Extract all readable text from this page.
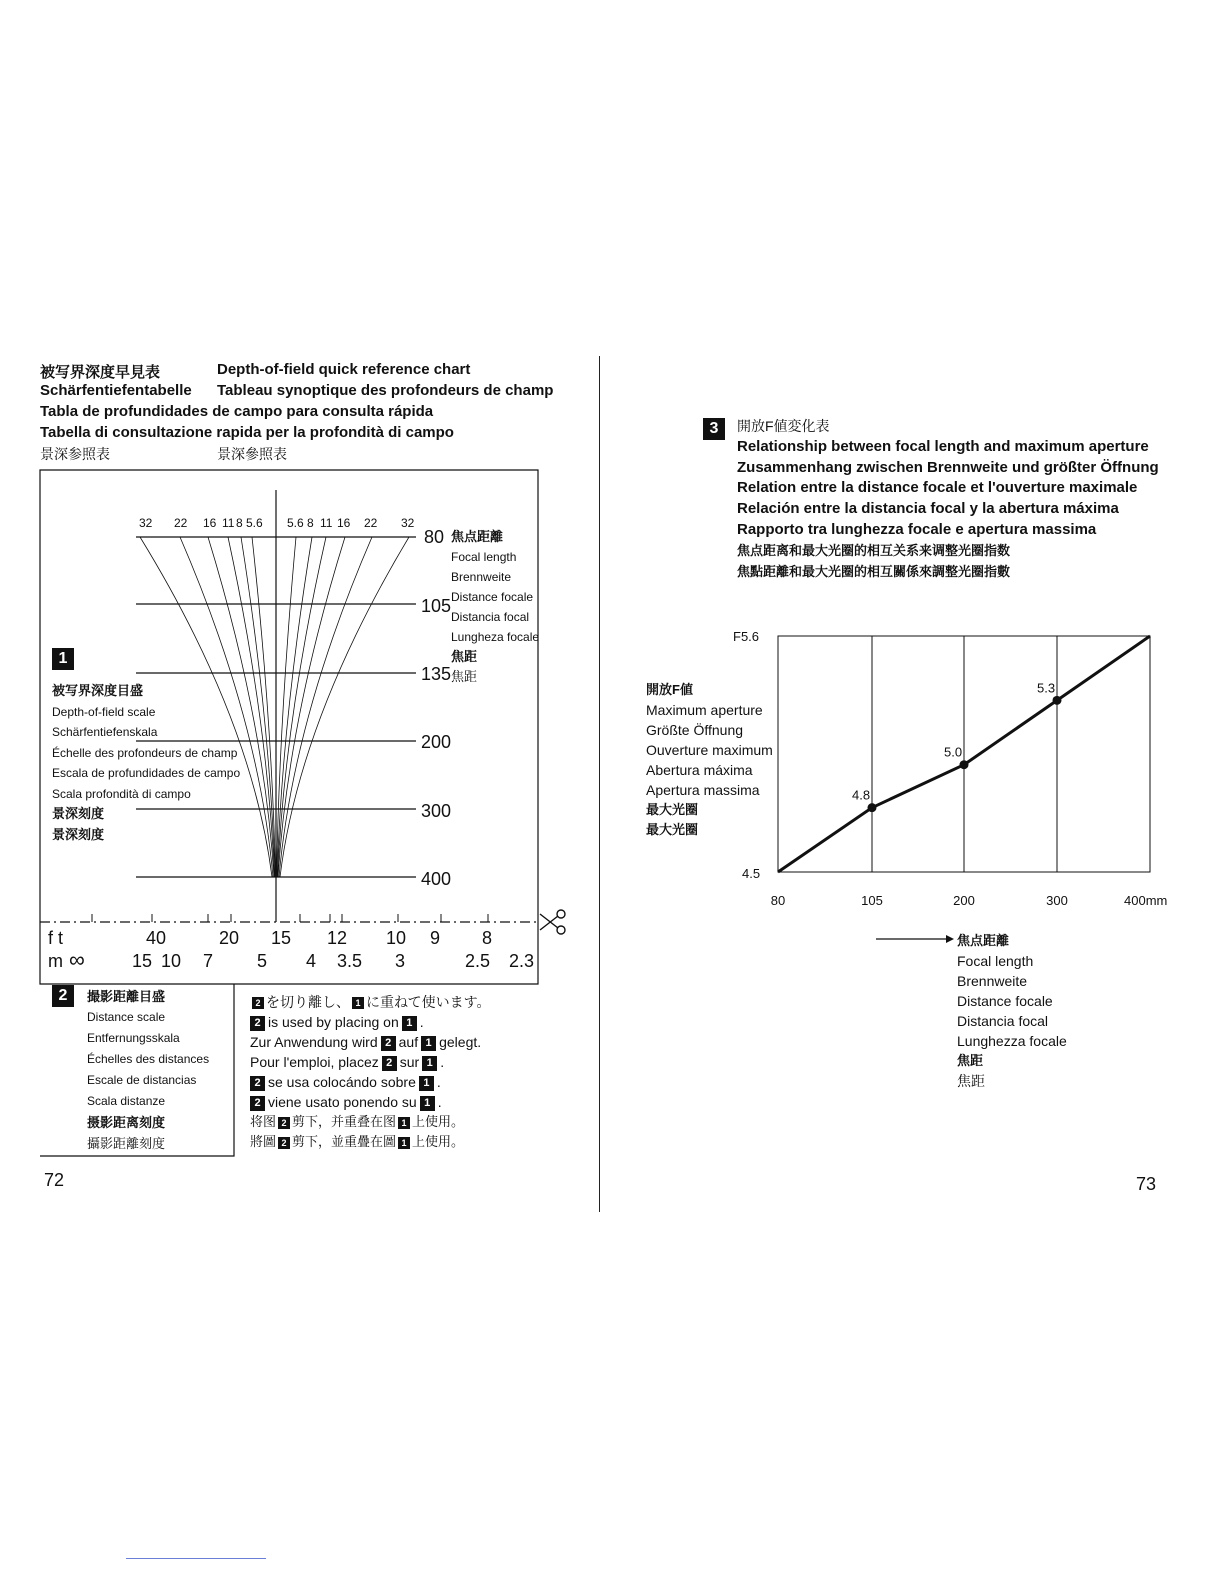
被写界深度早見表	Depth-of-field quick reference chart
Schärfentiefentabelle Tableau synoptique des profondeurs de champ
Tabla de profundidades de campo para consulta rápida
Tabella di consultazione rapida per la profondità di campo
景深参照表	景深參照表
32 22 16 11 8 5.6 5.6 8 11 16 22 32
80
105
135
200
300
400
焦点距離
Focal length
Brennweite
Distance focale
Distancia focal
Lungheza focale
焦距
焦距
1
被写界深度目盛
Depth-of-field scale
Schärfentiefenskala
Échelle des profondeurs de champ
Escala de profundidades de campo
Scala profondità di campo
景深刻度
景深刻度
f t	40	20 15 12 10 9 8
m ∞	15 10 7 5 4 3.5 3	2.5 2.3
2	撮影距離目盛
Distance scale
Entfernungsskala
Échelles des distances
Escale de distancias
Scala distanze
摄影距离刻度
攝影距離刻度
2 を切り離し、 1 に重ねて使います。
2 is used by placing on 1 .
Zur Anwendung wird 2 auf 1 gelegt.
Pour l'emploi, placez 2 sur 1 .
2 se usa colocándo sobre 1 .
2 viene usato ponendo su 1 .
将图 2 剪下，并重叠在图 1 上使用。
將圖 2 剪下，並重疊在圖 1 上使用。
72
3	開放F値変化表
Relationship between focal length and maximum aperture
Zusammenhang zwischen Brennweite und größter Öffnung
Relation entre la distance focale et l'ouverture maximale
Relación entre la distancia focal y la abertura máxima
Rapporto tra lunghezza focale e apertura massima
焦点距离和最大光圈的相互关系来调整光圈指数
焦點距離和最大光圈的相互關係來調整光圈指數
開放F値
Maximum aperture
Größte Öffnung
Ouverture maximum
Abertura máxima
Apertura massima
最大光圈
最大光圈
4.8
5.0
5.3
80	105	200	300	400mm
4.5
F5.6
焦点距離
Focal length
Brennweite
Distance focale
Distancia focal
Lunghezza focale
焦距
焦距
73
